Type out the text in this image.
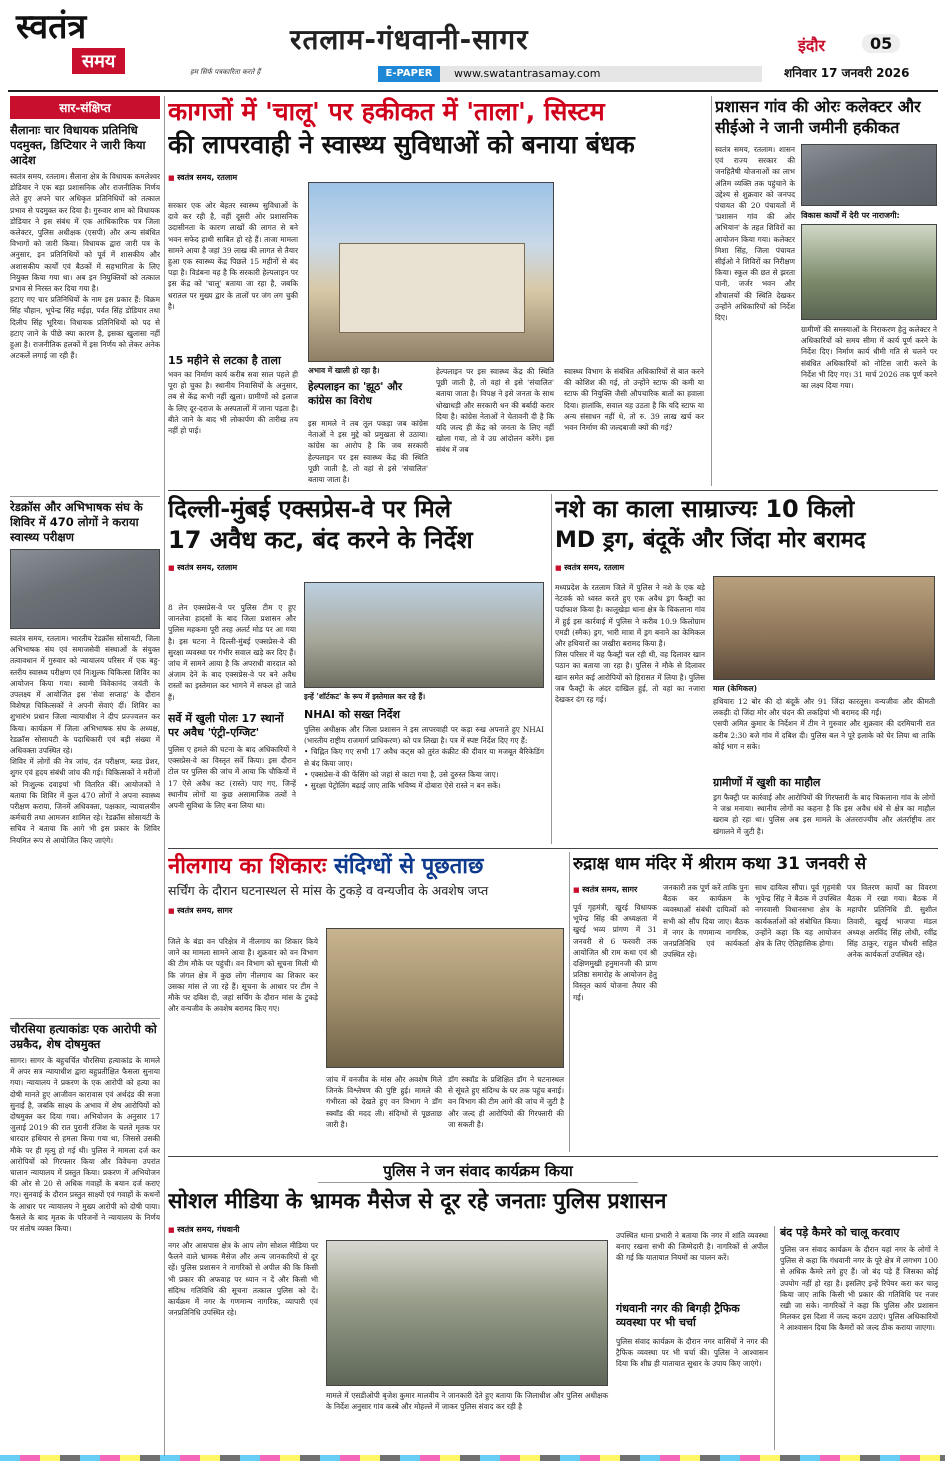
स्वतंत्र
समय	हम सिर्फ पत्रकारिता करते हैं
रतलाम-गंधवानी-सागर
E-PAPER	www.swatantrasamay.com
इंदौर	05
शनिवार 17 जनवरी 2026
सार-संक्षिप्त
सैलानाः चार विधायक प्रतिनिधि पदमुक्त, डिप्टियार ने जारी किया आदेश
स्वतंत्र समय, रतलाम। सैलाना क्षेत्र के विधायक कमलेश्वर डोडियार ने एक बड़ा प्रशासनिक और राजनीतिक निर्णय लेते हुए अपने चार अधिकृत प्रतिनिधियों को तत्काल प्रभाव से पदमुक्त कर दिया है। गुरुवार शाम को विधायक डोडियार ने इस संबंध में एक आधिकारिक पत्र जिला कलेक्टर, पुलिस अधीक्षक (एसपी) और अन्य संबंधित विभागों को जारी किया। विधायक द्वारा जारी पत्र के अनुसार, इन प्रतिनिधियों को पूर्व में शासकीय और अशासकीय कार्यों एवं बैठकों में सहभागिता के लिए नियुक्त किया गया था। अब इन नियुक्तियों को तत्काल प्रभाव से निरस्त कर दिया गया है।
हटाए गए चार प्रतिनिधियों के नाम इस प्रकार हैं: विक्रम सिंह चौहान, भूपेन्द्र सिंह मईड़ा, पर्वत सिंह डोडियार तथा दिलीप सिंह भूरिया। विधायक प्रतिनिधियों को पद से हटाए जाने के पीछे क्या कारण है, इसका खुलासा नहीं हुआ है। राजनीतिक हलकों में इस निर्णय को लेकर अनेक अटकलें लगाई जा रही हैं।
रेडक्रॉस और अभिभाषक संघ के शिविर में 470 लोगों ने कराया स्वास्थ्य परीक्षण
स्वतंत्र समय, रतलाम। भारतीय रेडक्रॉस सोसायटी, जिला अभिभाषक संघ एवं समाजसेवी संस्थाओं के संयुक्त तत्वावधान में गुरुवार को न्यायालय परिसर में एक बहु-स्तरीय स्वास्थ्य परीक्षण एवं निःशुल्क चिकित्सा शिविर का आयोजन किया गया। स्वामी विवेकानंद जयंती के उपलक्ष्य में आयोजित इस 'सेवा सप्ताह' के दौरान विशेषज्ञ चिकित्सकों ने अपनी सेवाएं दीं। शिविर का शुभारंभ प्रधान जिला न्यायाधीश ने दीप प्रज्ज्वलन कर किया। कार्यक्रम में जिला अभिभाषक संघ के अध्यक्ष, रेडक्रॉस सोसायटी के पदाधिकारी एवं बड़ी संख्या में अधिवक्ता उपस्थित रहे।
शिविर में लोगों की नेत्र जांच, दंत परीक्षण, ब्लड प्रेशर, शुगर एवं हृदय संबंधी जांच की गई। चिकित्सकों ने मरीजों को निःशुल्क दवाइयां भी वितरित कीं। आयोजकों ने बताया कि शिविर में कुल 470 लोगों ने अपना स्वास्थ्य परीक्षण कराया, जिनमें अधिवक्ता, पक्षकार, न्यायालयीन कर्मचारी तथा आमजन शामिल रहे। रेडक्रॉस सोसायटी के सचिव ने बताया कि आगे भी इस प्रकार के शिविर नियमित रूप से आयोजित किए जाएंगे।
चौरसिया हत्याकांडः एक आरोपी को उम्रकैद, शेष दोषमुक्त
सागर। सागर के बहुचर्चित चौरसिया हत्याकांड के मामले में अपर सत्र न्यायाधीश द्वारा बहुप्रतीक्षित फैसला सुनाया गया। न्यायालय ने प्रकरण के एक आरोपी को हत्या का दोषी मानते हुए आजीवन कारावास एवं अर्थदंड की सजा सुनाई है, जबकि साक्ष्य के अभाव में शेष आरोपियों को दोषमुक्त कर दिया गया। अभियोजन के अनुसार 17 जुलाई 2019 की रात पुरानी रंजिश के चलते मृतक पर धारदार हथियार से हमला किया गया था, जिससे उसकी मौके पर ही मृत्यु हो गई थी। पुलिस ने मामला दर्ज कर आरोपियों को गिरफ्तार किया और विवेचना उपरांत चालान न्यायालय में प्रस्तुत किया। प्रकरण में अभियोजन की ओर से 20 से अधिक गवाहों के बयान दर्ज कराए गए। सुनवाई के दौरान प्रस्तुत साक्ष्यों एवं गवाहों के कथनों के आधार पर न्यायालय ने मुख्य आरोपी को दोषी पाया। फैसले के बाद मृतक के परिजनों ने न्यायालय के निर्णय पर संतोष व्यक्त किया।
कागजों में 'चालू' पर हकीकत में 'ताला', सिस्टम
की लापरवाही ने स्वास्थ्य सुविधाओं को बनाया बंधक
■ स्वतंत्र समय, रतलाम
सरकार एक ओर बेहतर स्वास्थ्य सुविधाओं के दावे कर रही है, वहीं दूसरी ओर प्रशासनिक उदासीनता के कारण लाखों की लागत से बने भवन सफेद हाथी साबित हो रहे हैं। ताजा मामला सामने आया है जहां 39 लाख की लागत से तैयार हुआ एक स्वास्थ्य केंद्र पिछले 15 महीनों से बंद पड़ा है। विडंबना यह है कि सरकारी हेल्पलाइन पर इस केंद्र को 'चालू' बताया जा रहा है, जबकि धरातल पर मुख्य द्वार के तालों पर जंग लग चुकी है।
15 महीने से लटका है ताला
भवन का निर्माण कार्य करीब सवा साल पहले ही पूरा हो चुका है। स्थानीय निवासियों के अनुसार, तब से केंद्र कभी नहीं खुला। ग्रामीणों को इलाज के लिए दूर-दराज के अस्पतालों में जाना पड़ता है। बीते जाने के बाद भी लोकार्पण की तारीख तय नहीं हो पाई।
अभाव में खाली हो रहा है।
हेल्पलाइन का 'झूठ' और कांग्रेस का विरोध
इस मामले ने तब तूल पकड़ा जब कांग्रेस नेताओं ने इस मुद्दे को प्रमुखता से उठाया। कांग्रेस का आरोप है कि जब सरकारी हेल्पलाइन पर इस स्वास्थ्य केंद्र की स्थिति पूछी जाती है, तो वहां से इसे 'संचालित' बताया जाता है।
हेल्पलाइन पर इस स्वास्थ्य केंद्र की स्थिति पूछी जाती है, तो वहां से इसे 'संचालित' बताया जाता है। विपक्ष ने इसे जनता के साथ धोखाधड़ी और सरकारी धन की बर्बादी करार दिया है। कांग्रेस नेताओं ने चेतावनी दी है कि यदि जल्द ही केंद्र को जनता के लिए नहीं खोला गया, तो वे उग्र आंदोलन करेंगे। इस संबंध में जब
स्वास्थ्य विभाग के संबंधित अधिकारियों से बात करने की कोशिश की गई, तो उन्होंने स्टाफ की कमी या स्टाफ की नियुक्ति जैसी औपचारिक बातों का हवाला दिया। हालांकि, सवाल यह उठता है कि यदि स्टाफ या अन्य संसाधन नहीं थे, तो रु. 39 लाख खर्च कर भवन निर्माण की जल्दबाजी क्यों की गई?
प्रशासन गांव की ओरः कलेक्टर और सीईओ ने जानी जमीनी हकीकत
स्वतंत्र समय, रतलाम। शासन एवं राज्य सरकार की जनहितैषी योजनाओं का लाभ अंतिम व्यक्ति तक पहुंचाने के उद्देश्य से शुक्रवार को जनपद पंचायत की 20 पंचायतों में 'प्रशासन गांव की ओर अभियान' के तहत शिविरों का आयोजन किया गया। कलेक्टर मिशा सिंह, जिला पंचायत सीईओ ने शिविरों का निरीक्षण किया। स्कूल की छत से झरता पानी, जर्जर भवन और शौचालयों की स्थिति देखकर उन्होंने अधिकारियों को निर्देश दिए।
विकास कार्यों में देरी पर नाराजगी:
ग्रामीणों की समस्याओं के निराकरण हेतु कलेक्टर ने अधिकारियों को समय सीमा में कार्य पूर्ण करने के निर्देश दिए। निर्माण कार्य धीमी गति से चलने पर संबंधित अधिकारियों को नोटिस जारी करने के निर्देश भी दिए गए। 31 मार्च 2026 तक पूर्ण करने का लक्ष्य दिया गया।
दिल्ली-मुंबई एक्सप्रेस-वे पर मिले
17 अवैध कट, बंद करने के निर्देश
■ स्वतंत्र समय, रतलाम
8 लेन एक्सप्रेस-वे पर पुलिस टीम ए हुए जानलेवा हादसों के बाद जिला प्रशासन और पुलिस महकमा पूरी तरह अलर्ट मोड पर आ गया है। इस घटना ने दिल्ली-मुंबई एक्सप्रेस-वे की सुरक्षा व्यवस्था पर गंभीर सवाल खड़े कर दिए हैं। जांच में सामने आया है कि अपराधी वारदात को अंजाम देने के बाद एक्सप्रेस-वे पर बने अवैध रास्तों का इस्तेमाल कर भागने में सफल हो जाते हैं।
सर्वे में खुली पोलः 17 स्थानों पर अवैध 'एंट्री-एग्जिट'
पुलिस ए हमले की घटना के बाद अधिकारियों ने एक्सप्रेस-वे का विस्तृत सर्वे किया। इस दौरान टोल पर पुलिस की जांच में आया कि चौकियों में 17 ऐसे अवैध कट (रास्ते) पाए गए, जिन्हें स्थानीय लोगों या कुछ असामाजिक तत्वों ने अपनी सुविधा के लिए बना लिया था।
इन्हें 'शॉर्टकट' के रूप में इस्तेमाल कर रहे हैं।
NHAI को सख्त निर्देश
पुलिस अधीक्षक और जिला प्रशासन ने इस लापरवाही पर कड़ा रुख अपनाते हुए NHAI (भारतीय राष्ट्रीय राजमार्ग प्राधिकरण) को पत्र लिखा है। पत्र में स्पष्ट निर्देश दिए गए हैं:
• चिह्नित किए गए सभी 17 अवैध कट्स को तुरंत कंक्रीट की दीवार या मजबूत बैरिकेडिंग से बंद किया जाए।
• एक्सप्रेस-वे की फेंसिंग को जहां से काटा गया है, उसे दुरुस्त किया जाए।
• सुरक्षा पेट्रोलिंग बढ़ाई जाए ताकि भविष्य में दोबारा ऐसे रास्ते न बन सकें।
नशे का काला साम्राज्यः 10 किलो
MD ड्रग, बंदूकें और जिंदा मोर बरामद
■ स्वतंत्र समय, रतलाम
मध्यप्रदेश के रतलाम जिले में पुलिस ने नशे के एक बड़े नेटवर्क को ध्वस्त करते हुए एक अवैध ड्रग फैक्ट्री का पर्दाफाश किया है। कालूखेड़ा थाना क्षेत्र के चिकलाना गांव में हुई इस कार्रवाई में पुलिस ने करीब 10.9 किलोग्राम एमडी (स्मैक) ड्रग, भारी मात्रा में ड्रग बनाने का केमिकल और हथियारों का जखीरा बरामद किया है।
जिस परिसर में यह फैक्ट्री चल रही थी, वह दिलावर खान पठान का बताया जा रहा है। पुलिस ने मौके से दिलावर खान समेत कई आरोपियों को हिरासत में लिया है। पुलिस जब फैक्ट्री के अंदर दाखिल हुई, तो वहां का नजारा देखकर दंग रह गई।
माल (केमिकल)
हथियारः 12 बोर की दो बंदूकें और 91 जिंदा कारतूस। वन्यजीवः और कीमती लकड़ीः दो जिंदा मोर और चंदन की लकड़ियां भी बरामद की गईं।
एसपी अमित कुमार के निर्देशन में टीम ने गुरुवार और शुक्रवार की दरमियानी रात करीब 2:30 बजे गांव में दबिश दी। पुलिस बल ने पूरे इलाके को घेर लिया था ताकि कोई भाग न सके।
ग्रामीणों में खुशी का माहौल
ड्रग फैक्ट्री पर कार्रवाई और आरोपियों की गिरफ्तारी के बाद चिकलाना गांव के लोगों ने जश्न मनाया। स्थानीय लोगों का कहना है कि इस अवैध धंधे से क्षेत्र का माहौल खराब हो रहा था। पुलिस अब इस मामले के अंतरराज्यीय और अंतर्राष्ट्रीय तार खंगालने में जुटी है।
नीलगाय का शिकारः संदिग्धों से पूछताछ
सर्चिंग के दौरान घटनास्थल से मांस के टुकड़े व वन्यजीव के अवशेष जप्त
■ स्वतंत्र समय, सागर
जिले के बंडा वन परिक्षेत्र में नीलगाय का शिकार किये जाने का मामला सामने आया है। शुक्रवार को वन विभाग की टीम मौके पर पहुंची। वन विभाग को सूचना मिली थी कि जंगल क्षेत्र में कुछ लोग नीलगाय का शिकार कर उसका मांस ले जा रहे हैं। सूचना के आधार पर टीम ने मौके पर दबिश दी, जहां सर्चिंग के दौरान मांस के टुकड़े और वन्यजीव के अवशेष बरामद किए गए।
जांच में वनजीव के मांस और अवशेष मिले जिनके विश्लेषण की पुष्टि हुई। मामले की गंभीरता को देखते हुए वन विभाग ने डॉग स्क्वॉड की मदद ली। संदिग्धों से पूछताछ जारी है।
डॉग स्क्वॉड के प्रशिक्षित डॉग ने घटनास्थल से सूंघते हुए संदिग्ध के घर तक पहुंच बनाई। वन विभाग की टीम आगे की जांच में जुटी है और जल्द ही आरोपियों की गिरफ्तारी की जा सकती है।
रुद्राक्ष धाम मंदिर में श्रीराम कथा 31 जनवरी से
■ स्वतंत्र समय, सागर
पूर्व गृहमंत्री, खुरई विधायक भूपेन्द्र सिंह की अध्यक्षता में खुरई भव्य प्रांगण में 31 जनवरी से 6 फरवरी तक आयोजित श्री राम कथा एवं श्री दक्षिणमुखी हनुमानजी की प्राण प्रतिष्ठा समारोह के आयोजन हेतु विस्तृत कार्य योजना तैयार की गई।
जनकारी तक पूर्ण करें ताकि पुनः बैठक कर कार्यक्रम के व्यवस्थाओं संबंधी दायित्वों को सभी को सौंप दिया जाए। बैठक में नगर के गणमान्य नागरिक, जनप्रतिनिधि एवं कार्यकर्ता उपस्थित रहे।
साथ दायित्व सौंपा। पूर्व गृहमंत्री भूपेन्द्र सिंह ने बैठक में उपस्थित नगरवासी विधानसभा क्षेत्र के कार्यकर्ताओं को संबोधित किया। उन्होंने कहा कि यह आयोजन क्षेत्र के लिए ऐतिहासिक होगा।
पत्र वितरण कार्यों का विवरण बैठक में रखा गया। बैठक में महापौर प्रतिनिधि डी. सुशील तिवारी, खुरई भाजपा मंडल अध्यक्ष अरविंद सिंह लोधी, रवींद्र सिंह ठाकुर, राहुल चौधरी सहित अनेक कार्यकर्ता उपस्थित रहे।
पुलिस ने जन संवाद कार्यक्रम किया
सोशल मीडिया के भ्रामक मैसेज से दूर रहे जनताः पुलिस प्रशासन
■ स्वतंत्र समय, गंधवानी
नगर और आसपास क्षेत्र के आप लोग सोशल मीडिया पर फैलने वाले भ्रामक मैसेज और अन्य जानकारियों से दूर रहें। पुलिस प्रशासन ने नागरिकों से अपील की कि किसी भी प्रकार की अफवाह पर ध्यान न दें और किसी भी संदिग्ध गतिविधि की सूचना तत्काल पुलिस को दें। कार्यक्रम में नगर के गणमान्य नागरिक, व्यापारी एवं जनप्रतिनिधि उपस्थित रहे।
मामले में एसडीओपी बृजेश कुमार मालवीय ने जानकारी देते हुए बताया कि जिलाधीश और पुलिस अधीक्षक के निर्देश अनुसार गांव कस्बे और मोहल्ले में जाकर पुलिस संवाद कर रही है
उपस्थित थाना प्रभारी ने बताया कि नगर में शांति व्यवस्था बनाए रखना सभी की जिम्मेदारी है। नागरिकों से अपील की गई कि यातायात नियमों का पालन करें।
गंधवानी नगर की बिगड़ी ट्रैफिक व्यवस्था पर भी चर्चा
पुलिस संवाद कार्यक्रम के दौरान नगर वासियों ने नगर की ट्रैफिक व्यवस्था पर भी चर्चा की। पुलिस ने आश्वासन दिया कि शीघ्र ही यातायात सुधार के उपाय किए जाएंगे।
बंद पड़े कैमरे को चालू करवाए
पुलिस जन संवाद कार्यक्रम के दौरान यहां नगर के लोगों ने पुलिस से कहा कि गंधवानी नगर के पूरे क्षेत्र में लगभग 100 से अधिक कैमरे लगे हुए हैं। जो बंद पड़े हैं जिसका कोई उपयोग नहीं हो रहा है। इसलिए इन्हें रिपेयर करा कर चालू किया जाए ताकि किसी भी प्रकार की गतिविधि पर नजर रखी जा सके। नागरिकों ने कहा कि पुलिस और प्रशासन मिलकर इस दिशा में जल्द कदम उठाएं। पुलिस अधिकारियों ने आश्वासन दिया कि कैमरों को जल्द ठीक कराया जाएगा।
